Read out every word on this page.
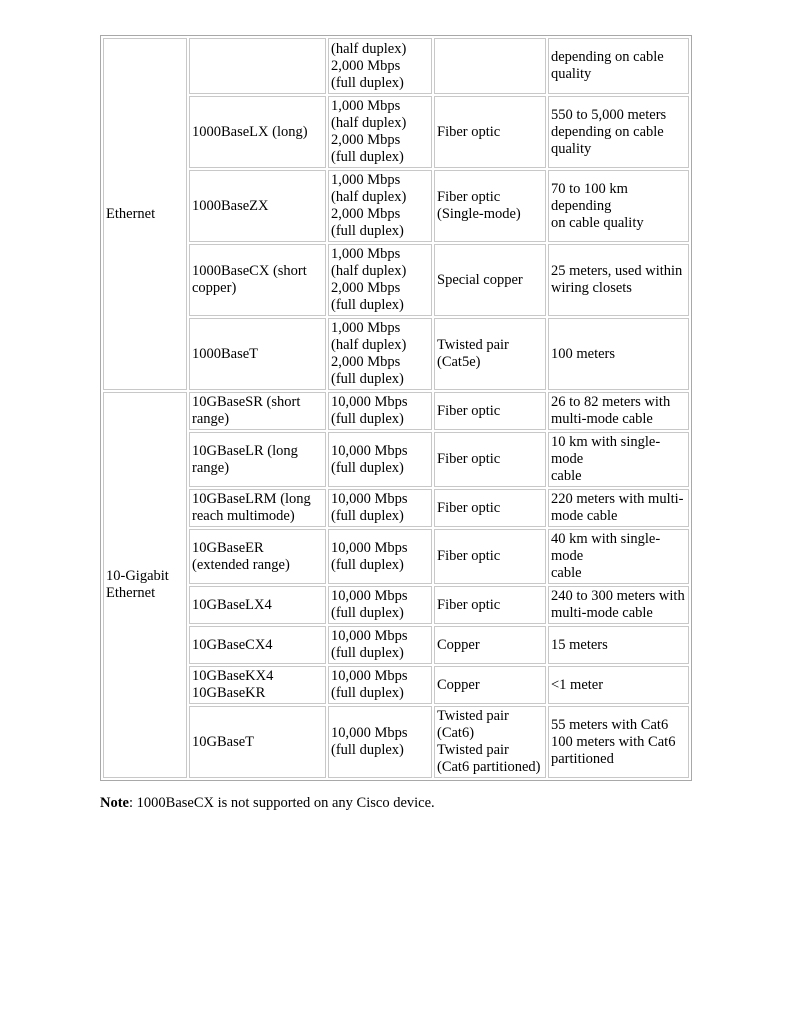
Ethernet		(half duplex)
2,000 Mbps
(full duplex)		depending on cable
quality

	1000BaseLX (long)	1,000 Mbps
(half duplex)
2,000 Mbps
(full duplex)	Fiber optic	550 to 5,000 meters
depending on cable
quality

	1000BaseZX	1,000 Mbps
(half duplex)
2,000 Mbps
(full duplex)	Fiber optic
(Single-mode)	70 to 100 km depending
on cable quality

	1000BaseCX (short
copper)	1,000 Mbps
(half duplex)
2,000 Mbps
(full duplex)	Special copper	25 meters, used within
wiring closets

	1000BaseT	1,000 Mbps
(half duplex)
2,000 Mbps
(full duplex)	Twisted pair
(Cat5e)	100 meters

10-Gigabit
Ethernet	10GBaseSR (short
range)	10,000 Mbps
(full duplex)	Fiber optic	26 to 82 meters with
multi-mode cable

	10GBaseLR (long
range)	10,000 Mbps
(full duplex)	Fiber optic	10 km with single-mode
cable

	10GBaseLRM (long
reach multimode)	10,000 Mbps
(full duplex)	Fiber optic	220 meters with multi-
mode cable

	10GBaseER
(extended range)	10,000 Mbps
(full duplex)	Fiber optic	40 km with single-mode
cable

	10GBaseLX4	10,000 Mbps
(full duplex)	Fiber optic	240 to 300 meters with
multi-mode cable

	10GBaseCX4	10,000 Mbps
(full duplex)	Copper	15 meters

	10GBaseKX4
10GBaseKR	10,000 Mbps
(full duplex)	Copper	<1 meter

	10GBaseT	10,000 Mbps
(full duplex)	Twisted pair
(Cat6)
Twisted pair
(Cat6 partitioned)	55 meters with Cat6
100 meters with Cat6
partitioned
Note: 1000BaseCX is not supported on any Cisco device.
